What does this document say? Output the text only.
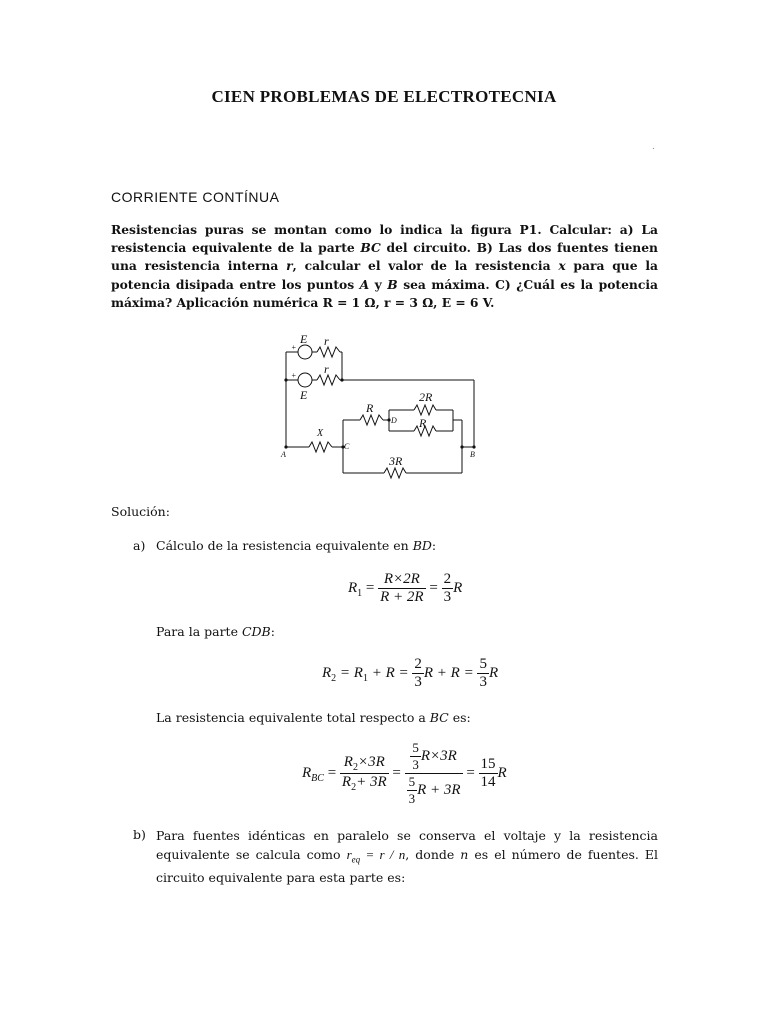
CIEN PROBLEMAS DE ELECTROTECNIA
.
CORRIENTE CONTÍNUA
Resistencias puras se montan como lo indica la figura P1. Calcular: a) La resistencia equivalente de la parte BC del circuito. B) Las dos fuentes tienen una resistencia interna r, calcular el valor de la resistencia x para que la potencia disipada entre los puntos A y B sea máxima. C) ¿Cuál es la potencia máxima? Aplicación numérica R = 1 Ω, r = 3 Ω, E = 6 V.
E r
+
r
+
E
R
2R
R
X
3R
A
C
D
B
Solución:
a) Cálculo de la resistencia equivalente en BD:
$R_1 = \frac{R\times 2R}{R + 2R} = \frac{2}{3}$ R
Para la parte CDB:
$R_2 = R_1 + R = \frac{2}{3}$ $R + R = \frac{5}{3}$ R
La resistencia equivalente total respecto a BC es:
$R_{BC} = \frac{R_2\times 3R}{R_2+ 3R} = \frac{\frac{5}{3} R\times 3R}{\frac{5}{3} R + 3R} = \frac{15}{14}$ R
b) Para fuentes idénticas en paralelo se conserva el voltaje y la resistencia equivalente se calcula como $r_{eq} = r / n$, donde n es el número de fuentes. El circuito equivalente para esta parte es:
